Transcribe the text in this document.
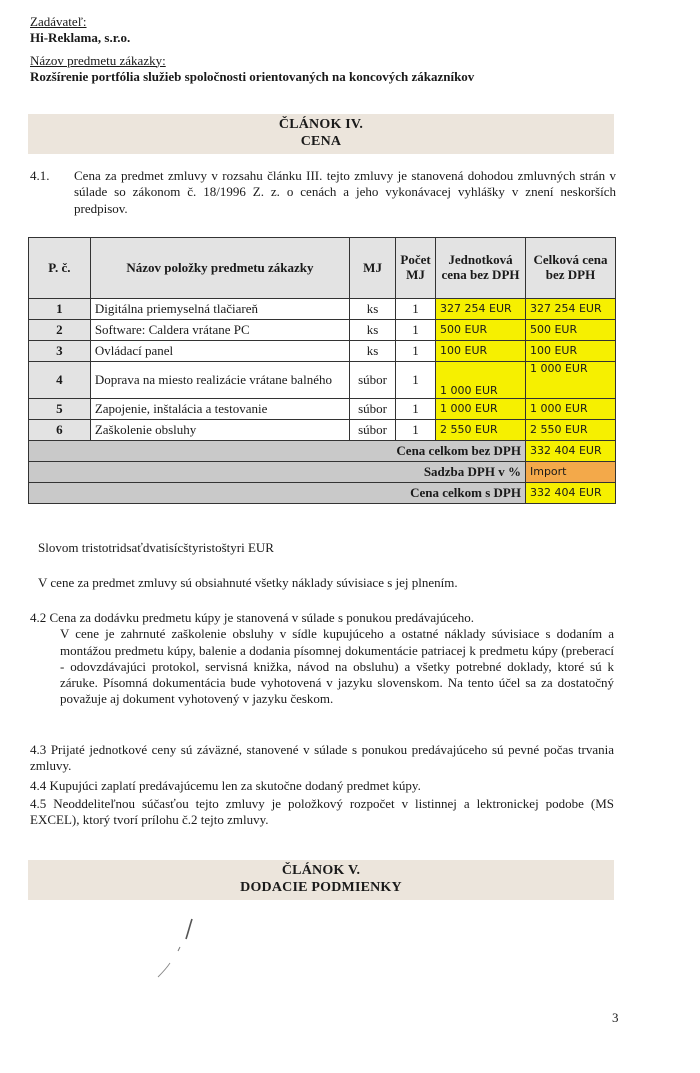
Zadávateľ:
Hi-Reklama, s.r.o.
Názov predmetu zákazky:
Rozšírenie portfólia služieb spoločnosti orientovaných na koncových zákazníkov
ČLÁNOK IV.
CENA
4.1. Cena za predmet zmluvy v rozsahu článku III. tejto zmluvy je stanovená dohodou zmluvných strán v súlade so zákonom č. 18/1996 Z. z. o cenách a jeho vykonávacej vyhlášky v znení neskorších predpisov.
P. č.	Názov položky predmetu zákazky	MJ	Počet MJ	Jednotková cena bez DPH	Celková cena bez DPH
1	Digitálna priemyselná tlačiareň	ks	1	327 254 EUR	327 254 EUR
2	Software: Caldera vrátane PC	ks	1	500 EUR	500 EUR
3	Ovládací panel	ks	1	100 EUR	100 EUR
4	Doprava na miesto realizácie vrátane balného	súbor	1	1 000 EUR	1 000 EUR
5	Zapojenie, inštalácia a testovanie	súbor	1	1 000 EUR	1 000 EUR
6	Zaškolenie obsluhy	súbor	1	2 550 EUR	2 550 EUR
Cena celkom bez DPH					332 404 EUR
Sadzba DPH v %					Import
Cena celkom s DPH					332 404 EUR
Slovom tristotridsaťdvatisícštyristoštyri EUR
V cene za predmet zmluvy sú obsiahnuté všetky náklady súvisiace s jej plnením.
4.2 Cena za dodávku predmetu kúpy je stanovená v súlade s ponukou predávajúceho.
V cene je zahrnuté zaškolenie obsluhy v sídle kupujúceho a ostatné náklady súvisiace s dodaním a montážou predmetu kúpy, balenie a dodania písomnej dokumentácie patriacej k predmetu kúpy (preberací - odovzdávajúci protokol, servisná knižka, návod na obsluhu) a všetky potrebné doklady, ktoré sú k záruke. Písomná dokumentácia bude vyhotovená v jazyku slovenskom. Na tento účel sa za dostatočný považuje aj dokument vyhotovený v jazyku českom.
4.3 Prijaté jednotkové ceny sú záväzné, stanovené v súlade s ponukou predávajúceho sú pevné počas trvania zmluvy.
4.4 Kupujúci zaplatí predávajúcemu len za skutočne dodaný predmet kúpy.
4.5 Neoddeliteľnou súčasťou tejto zmluvy je položkový rozpočet v listinnej a lektronickej podobe (MS EXCEL), ktorý tvorí prílohu č.2 tejto zmluvy.
ČLÁNOK V.
DODACIE PODMIENKY
3
